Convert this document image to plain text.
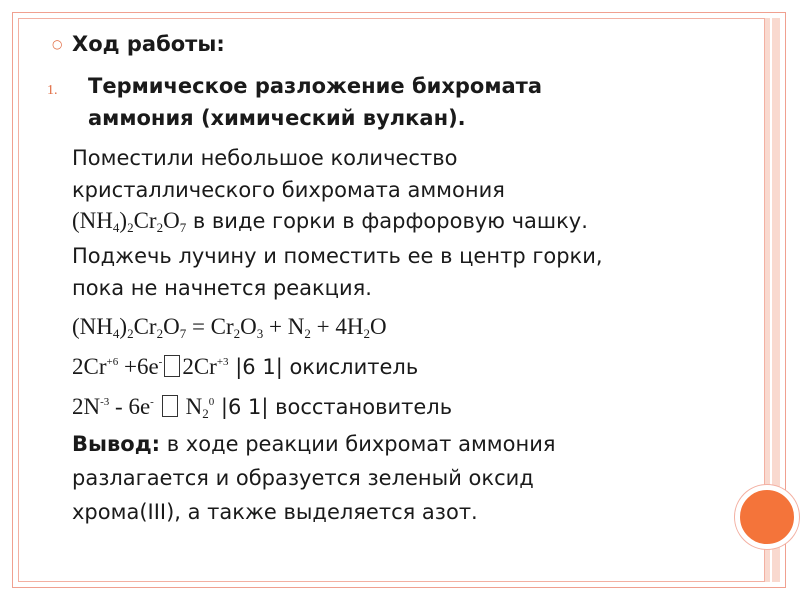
○ Ход работы:
1. Термическое разложение бихромата
аммония (химический вулкан).
Поместили небольшое количество
кристаллического бихромата аммония
$(NH_4)_2Cr_2O_7$ в виде горки в фарфоровую чашку.
Поджечь лучину и поместить ее в центр горки,
пока не начнется реакция.
$(NH_4)_2Cr_2O_7 = Cr_2O_3 + N_2 + 4H_2O$
$2Cr^{+6} +6e^-$ $2Cr^{+3}$ |6 1| окислитель
$2N^{-3} - 6e^-$ $N_2^0$ |6 1| восстановитель
Вывод: в ходе реакции бихромат аммония
разлагается и образуется зеленый оксид
хрома(III), а также выделяется азот.
